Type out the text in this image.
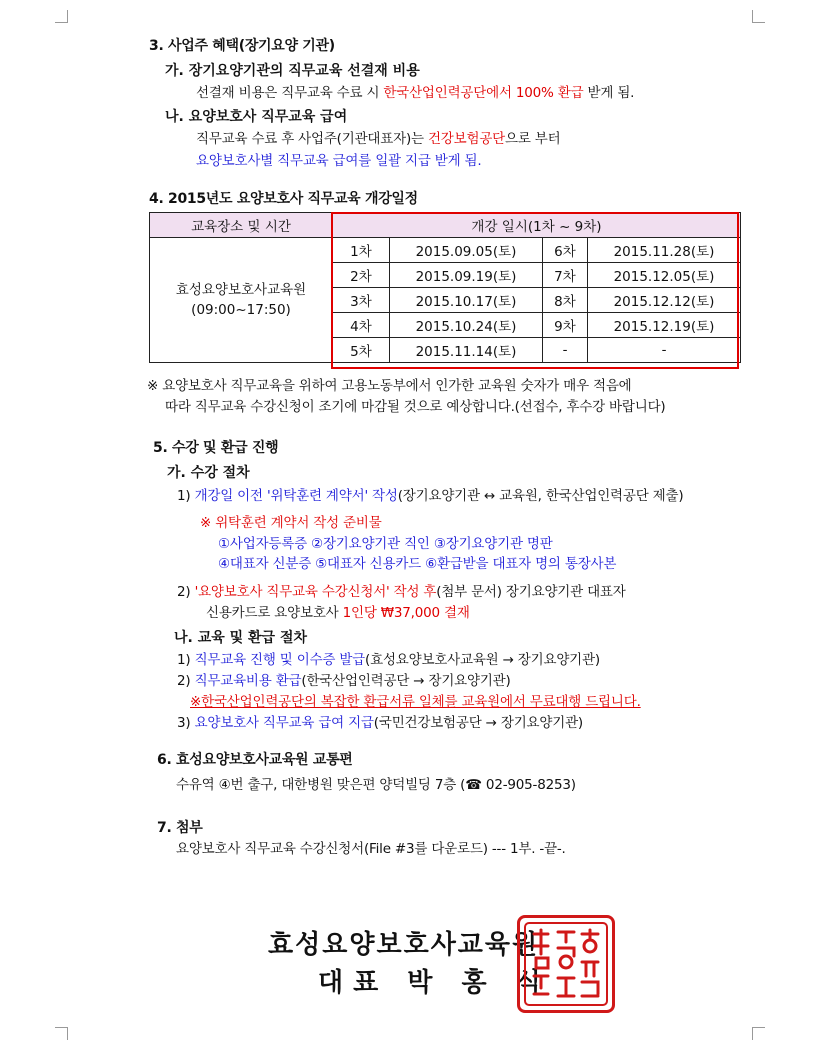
3. 사업주 혜택(장기요양 기관)
가. 장기요양기관의 직무교육 선결재 비용
선결재 비용은 직무교육 수료 시 한국산업인력공단에서 100% 환급 받게 됨.
나. 요양보호사 직무교육 급여
직무교육 수료 후 사업주(기관대표자)는 건강보험공단으로 부터
요양보호사별 직무교육 급여를 일괄 지급 받게 됨.
4. 2015년도 요양보호사 직무교육 개강일정
교육장소 및 시간	개강 일시(1차 ~ 9차)			
효성요양보호사교육원
(09:00~17:50)	1차	2015.09.05(토)	6차	2015.11.28(토)
	2차	2015.09.19(토)	7차	2015.12.05(토)
	3차	2015.10.17(토)	8차	2015.12.12(토)
	4차	2015.10.24(토)	9차	2015.12.19(토)
	5차	2015.11.14(토)	-	-
※ 요양보호사 직무교육을 위하여 고용노동부에서 인가한 교육원 숫자가 매우 적음에
따라 직무교육 수강신청이 조기에 마감될 것으로 예상합니다.(선접수, 후수강 바랍니다)
5. 수강 및 환급 진행
가. 수강 절차
1) 개강일 이전 '위탁훈련 계약서' 작성(장기요양기관 ↔ 교육원, 한국산업인력공단 제출)
※ 위탁훈련 계약서 작성 준비물
①사업자등록증 ②장기요양기관 직인 ③장기요양기관 명판
④대표자 신분증 ⑤대표자 신용카드 ⑥환급받을 대표자 명의 통장사본
2) '요양보호사 직무교육 수강신청서' 작성 후(첨부 문서) 장기요양기관 대표자
신용카드로 요양보호사 1인당 ₩37,000 결재
나. 교육 및 환급 절차
1) 직무교육 진행 및 이수증 발급(효성요양보호사교육원 → 장기요양기관)
2) 직무교육비용 환급(한국산업인력공단 → 장기요양기관)
※한국산업인력공단의 복잡한 환급서류 일체를 교육원에서 무료대행 드립니다.
3) 요양보호사 직무교육 급여 지급(국민건강보험공단 → 장기요양기관)
6. 효성요양보호사교육원 교통편
수유역 ④번 출구, 대한병원 맞은편 양덕빌딩 7층 (☎ 02-905-8253)
7. 첨부
요양보호사 직무교육 수강신청서(File #3를 다운로드) --- 1부. -끝-.
효성요양보호사교육원
대표 박 홍 식
